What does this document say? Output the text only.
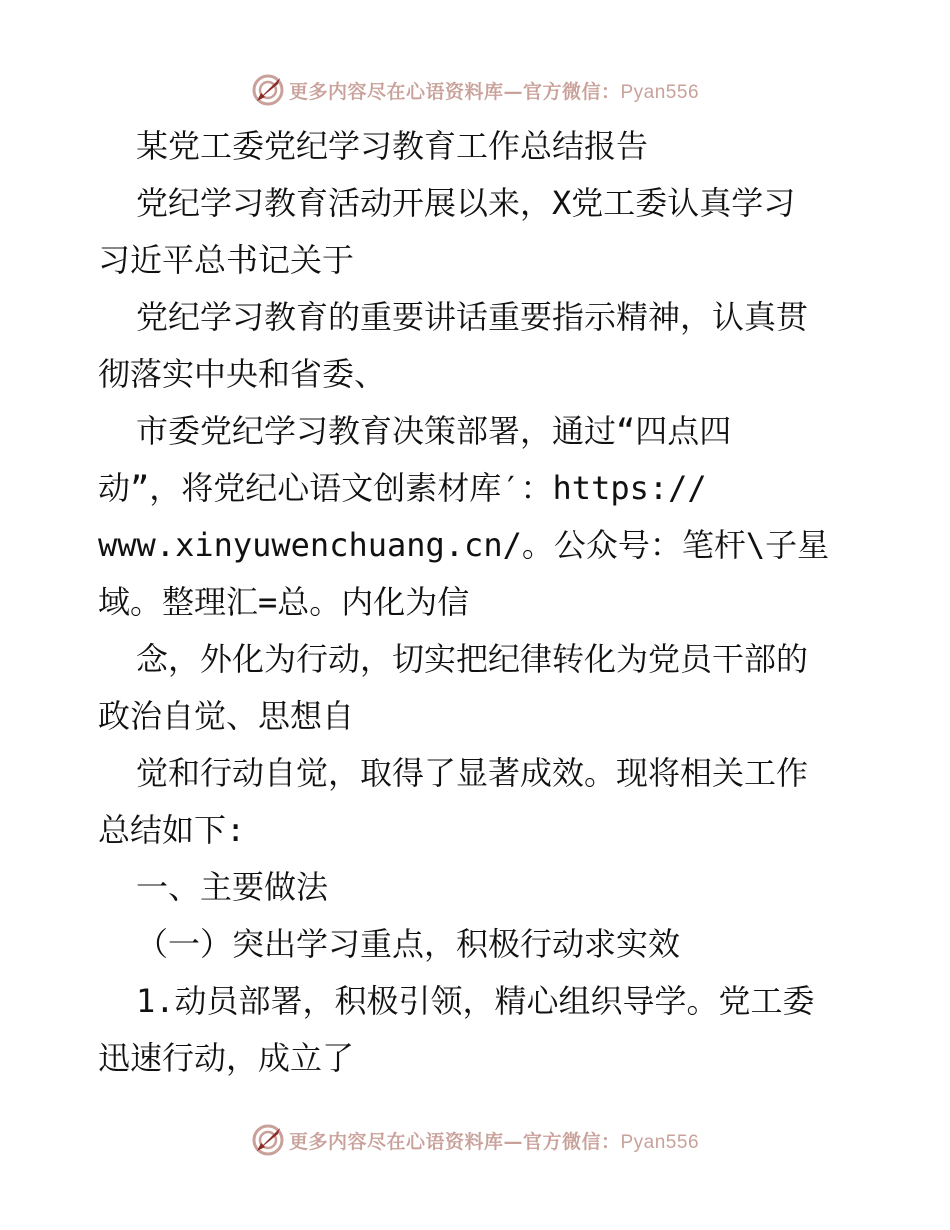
更多内容尽在心语资料库—官方微信：Pyan556

某党工委党纪学习教育工作总结报告

党纪学习教育活动开展以来，X党工委认真学习

习近平总书记关于

党纪学习教育的重要讲话重要指示精神，认真贯

彻落实中央和省委、

市委党纪学习教育决策部署，通过“四点四

动”，将党纪心语文创素材库′：https://

www.xinyuwenchuang.cn/。公众号：笔杆\子星

域。整理汇=总。内化为信

念，外化为行动，切实把纪律转化为党员干部的

政治自觉、思想自

觉和行动自觉，取得了显著成效。现将相关工作

总结如下:

一、主要做法

（一）突出学习重点，积极行动求实效

1.动员部署，积极引领，精心组织导学。党工委

迅速行动，成立了

更多内容尽在心语资料库—官方微信：Pyan556
